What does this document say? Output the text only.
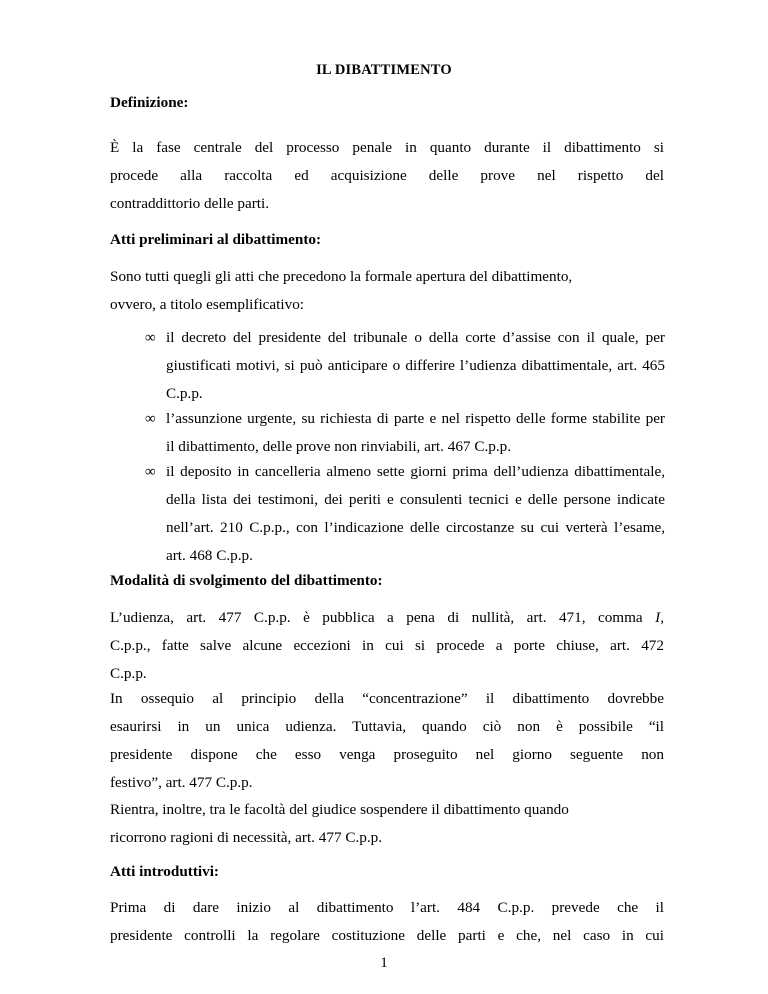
IL DIBATTIMENTO

Definizione:

È la fase centrale del processo penale in quanto durante il dibattimento si
procede alla raccolta ed acquisizione delle prove nel rispetto del
contraddittorio delle parti.

Atti preliminari al dibattimento:

Sono tutti quegli gli atti che precedono la formale apertura del dibattimento,
ovvero, a titolo esemplificativo:

∞ il decreto del presidente del tribunale o della corte d’assise con il quale, per
giustificati motivi, si può anticipare o differire l’udienza dibattimentale, art. 465
C.p.p.
∞ l’assunzione urgente, su richiesta di parte e nel rispetto delle forme stabilite per
il dibattimento, delle prove non rinviabili, art. 467 C.p.p.
∞ il deposito in cancelleria almeno sette giorni prima dell’udienza dibattimentale,
della lista dei testimoni, dei periti e consulenti tecnici e delle persone indicate
nell’art. 210 C.p.p., con l’indicazione delle circostanze su cui verterà l’esame,
art. 468 C.p.p.

Modalità di svolgimento del dibattimento:

L’udienza, art. 477 C.p.p. è pubblica a pena di nullità, art. 471, comma I,
C.p.p., fatte salve alcune eccezioni in cui si procede a porte chiuse, art. 472
C.p.p.

In ossequio al principio della “concentrazione” il dibattimento dovrebbe
esaurirsi in un unica udienza. Tuttavia, quando ciò non è possibile “il
presidente dispone che esso venga proseguito nel giorno seguente non
festivo”, art. 477 C.p.p.

Rientra, inoltre, tra le facoltà del giudice sospendere il dibattimento quando
ricorrono ragioni di necessità, art. 477 C.p.p.

Atti introduttivi:

Prima di dare inizio al dibattimento l’art. 484 C.p.p. prevede che il
presidente controlli la regolare costituzione delle parti e che, nel caso in cui

1
